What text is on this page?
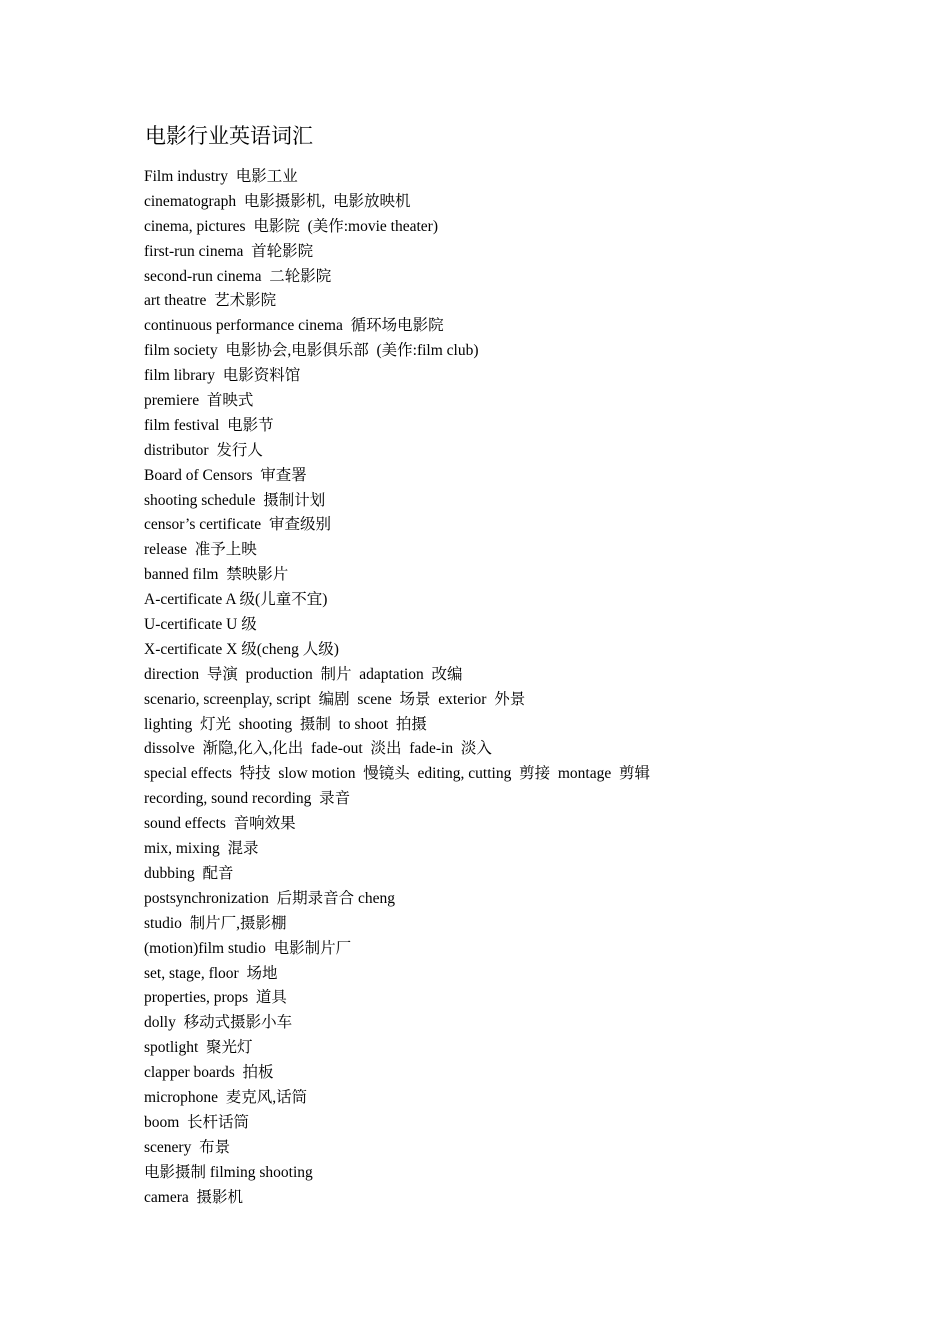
电影行业英语词汇
Film industry  电影工业
cinematograph  电影摄影机,  电影放映机
cinema, pictures  电影院  (美作:movie theater)
first-run cinema  首轮影院
second-run cinema  二轮影院
art theatre  艺术影院
continuous performance cinema  循环场电影院
film society  电影协会,电影俱乐部  (美作:film club)
film library  电影资料馆
premiere  首映式
film festival  电影节
distributor  发行人
Board of Censors  审查署
shooting schedule  摄制计划
censor’s certificate  审查级别
release  准予上映
banned film  禁映影片
A-certificate A 级(儿童不宜)
U-certificate U 级
X-certificate X 级(cheng 人级)
direction  导演  production  制片  adaptation  改编
scenario, screenplay, script  编剧  scene  场景  exterior  外景
lighting  灯光  shooting  摄制  to shoot  拍摄
dissolve  渐隐,化入,化出  fade-out  淡出  fade-in  淡入
special effects  特技  slow motion  慢镜头  editing, cutting  剪接  montage  剪辑
recording, sound recording  录音
sound effects  音响效果
mix, mixing  混录
dubbing  配音
postsynchronization  后期录音合 cheng
studio  制片厂,摄影棚
(motion)film studio  电影制片厂
set, stage, floor  场地
properties, props  道具
dolly  移动式摄影小车
spotlight  聚光灯
clapper boards  拍板
microphone  麦克风,话筒
boom  长杆话筒
scenery  布景
电影摄制 filming shooting
camera  摄影机
